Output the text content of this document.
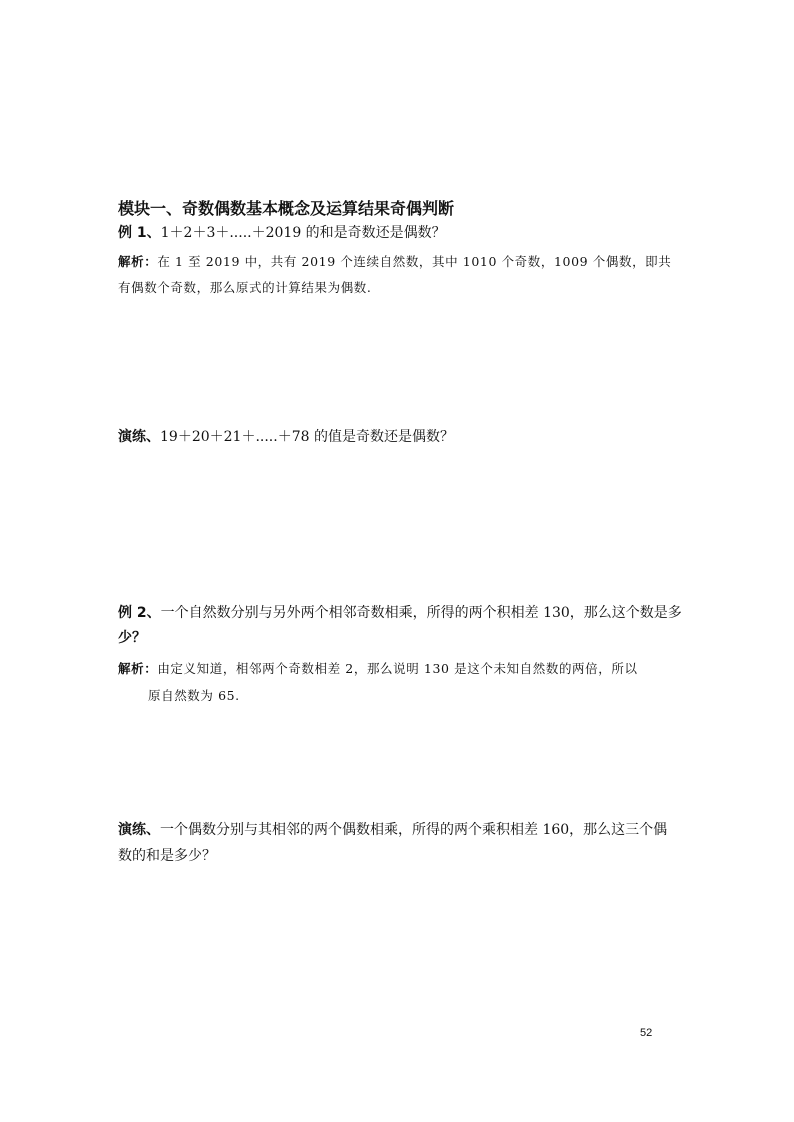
模块一、奇数偶数基本概念及运算结果奇偶判断
例 1、1＋2＋3＋.....＋2019 的和是奇数还是偶数？
解析：在 1 至 2019 中，共有 2019 个连续自然数，其中 1010 个奇数，1009 个偶数，即共
有偶数个奇数，那么原式的计算结果为偶数.
演练、19＋20＋21＋.....＋78 的值是奇数还是偶数？
例 2、一个自然数分别与另外两个相邻奇数相乘，所得的两个积相差 130，那么这个数是多
少？
解析：由定义知道，相邻两个奇数相差 2，那么说明 130 是这个未知自然数的两倍，所以
原自然数为 65.
演练、一个偶数分别与其相邻的两个偶数相乘，所得的两个乘积相差 160，那么这三个偶
数的和是多少？
52
